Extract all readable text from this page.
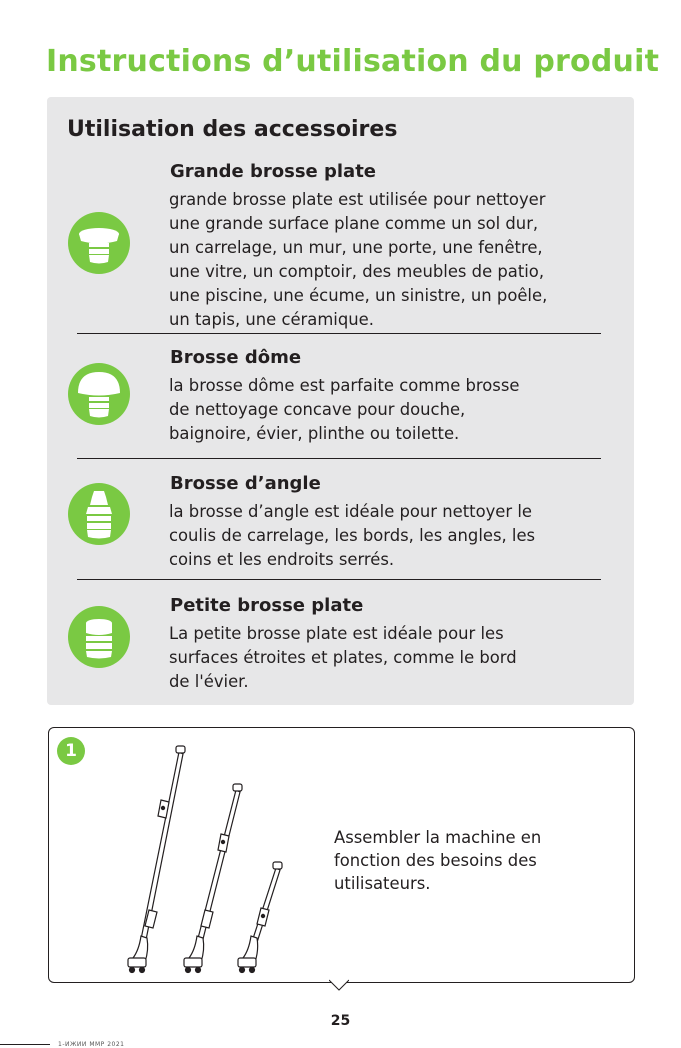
Instructions d’utilisation du produit
Utilisation des accessoires
Grande brosse plate
grande brosse plate est utilisée pour nettoyer
une grande surface plane comme un sol dur,
un carrelage, un mur, une porte, une fenêtre,
une vitre, un comptoir, des meubles de patio,
une piscine, une écume, un sinistre, un poêle,
un tapis, une céramique.
Brosse dôme
la brosse dôme est parfaite comme brosse
de nettoyage concave pour douche,
baignoire, évier, plinthe ou toilette.
Brosse d’angle
la brosse d’angle est idéale pour nettoyer le
coulis de carrelage, les bords, les angles, les
coins et les endroits serrés.
Petite brosse plate
La petite brosse plate est idéale pour les
surfaces étroites et plates, comme le bord
de l'évier.
1
Assembler la machine en
fonction des besoins des
utilisateurs.
25
1-ИЖИИ ММР 2021
